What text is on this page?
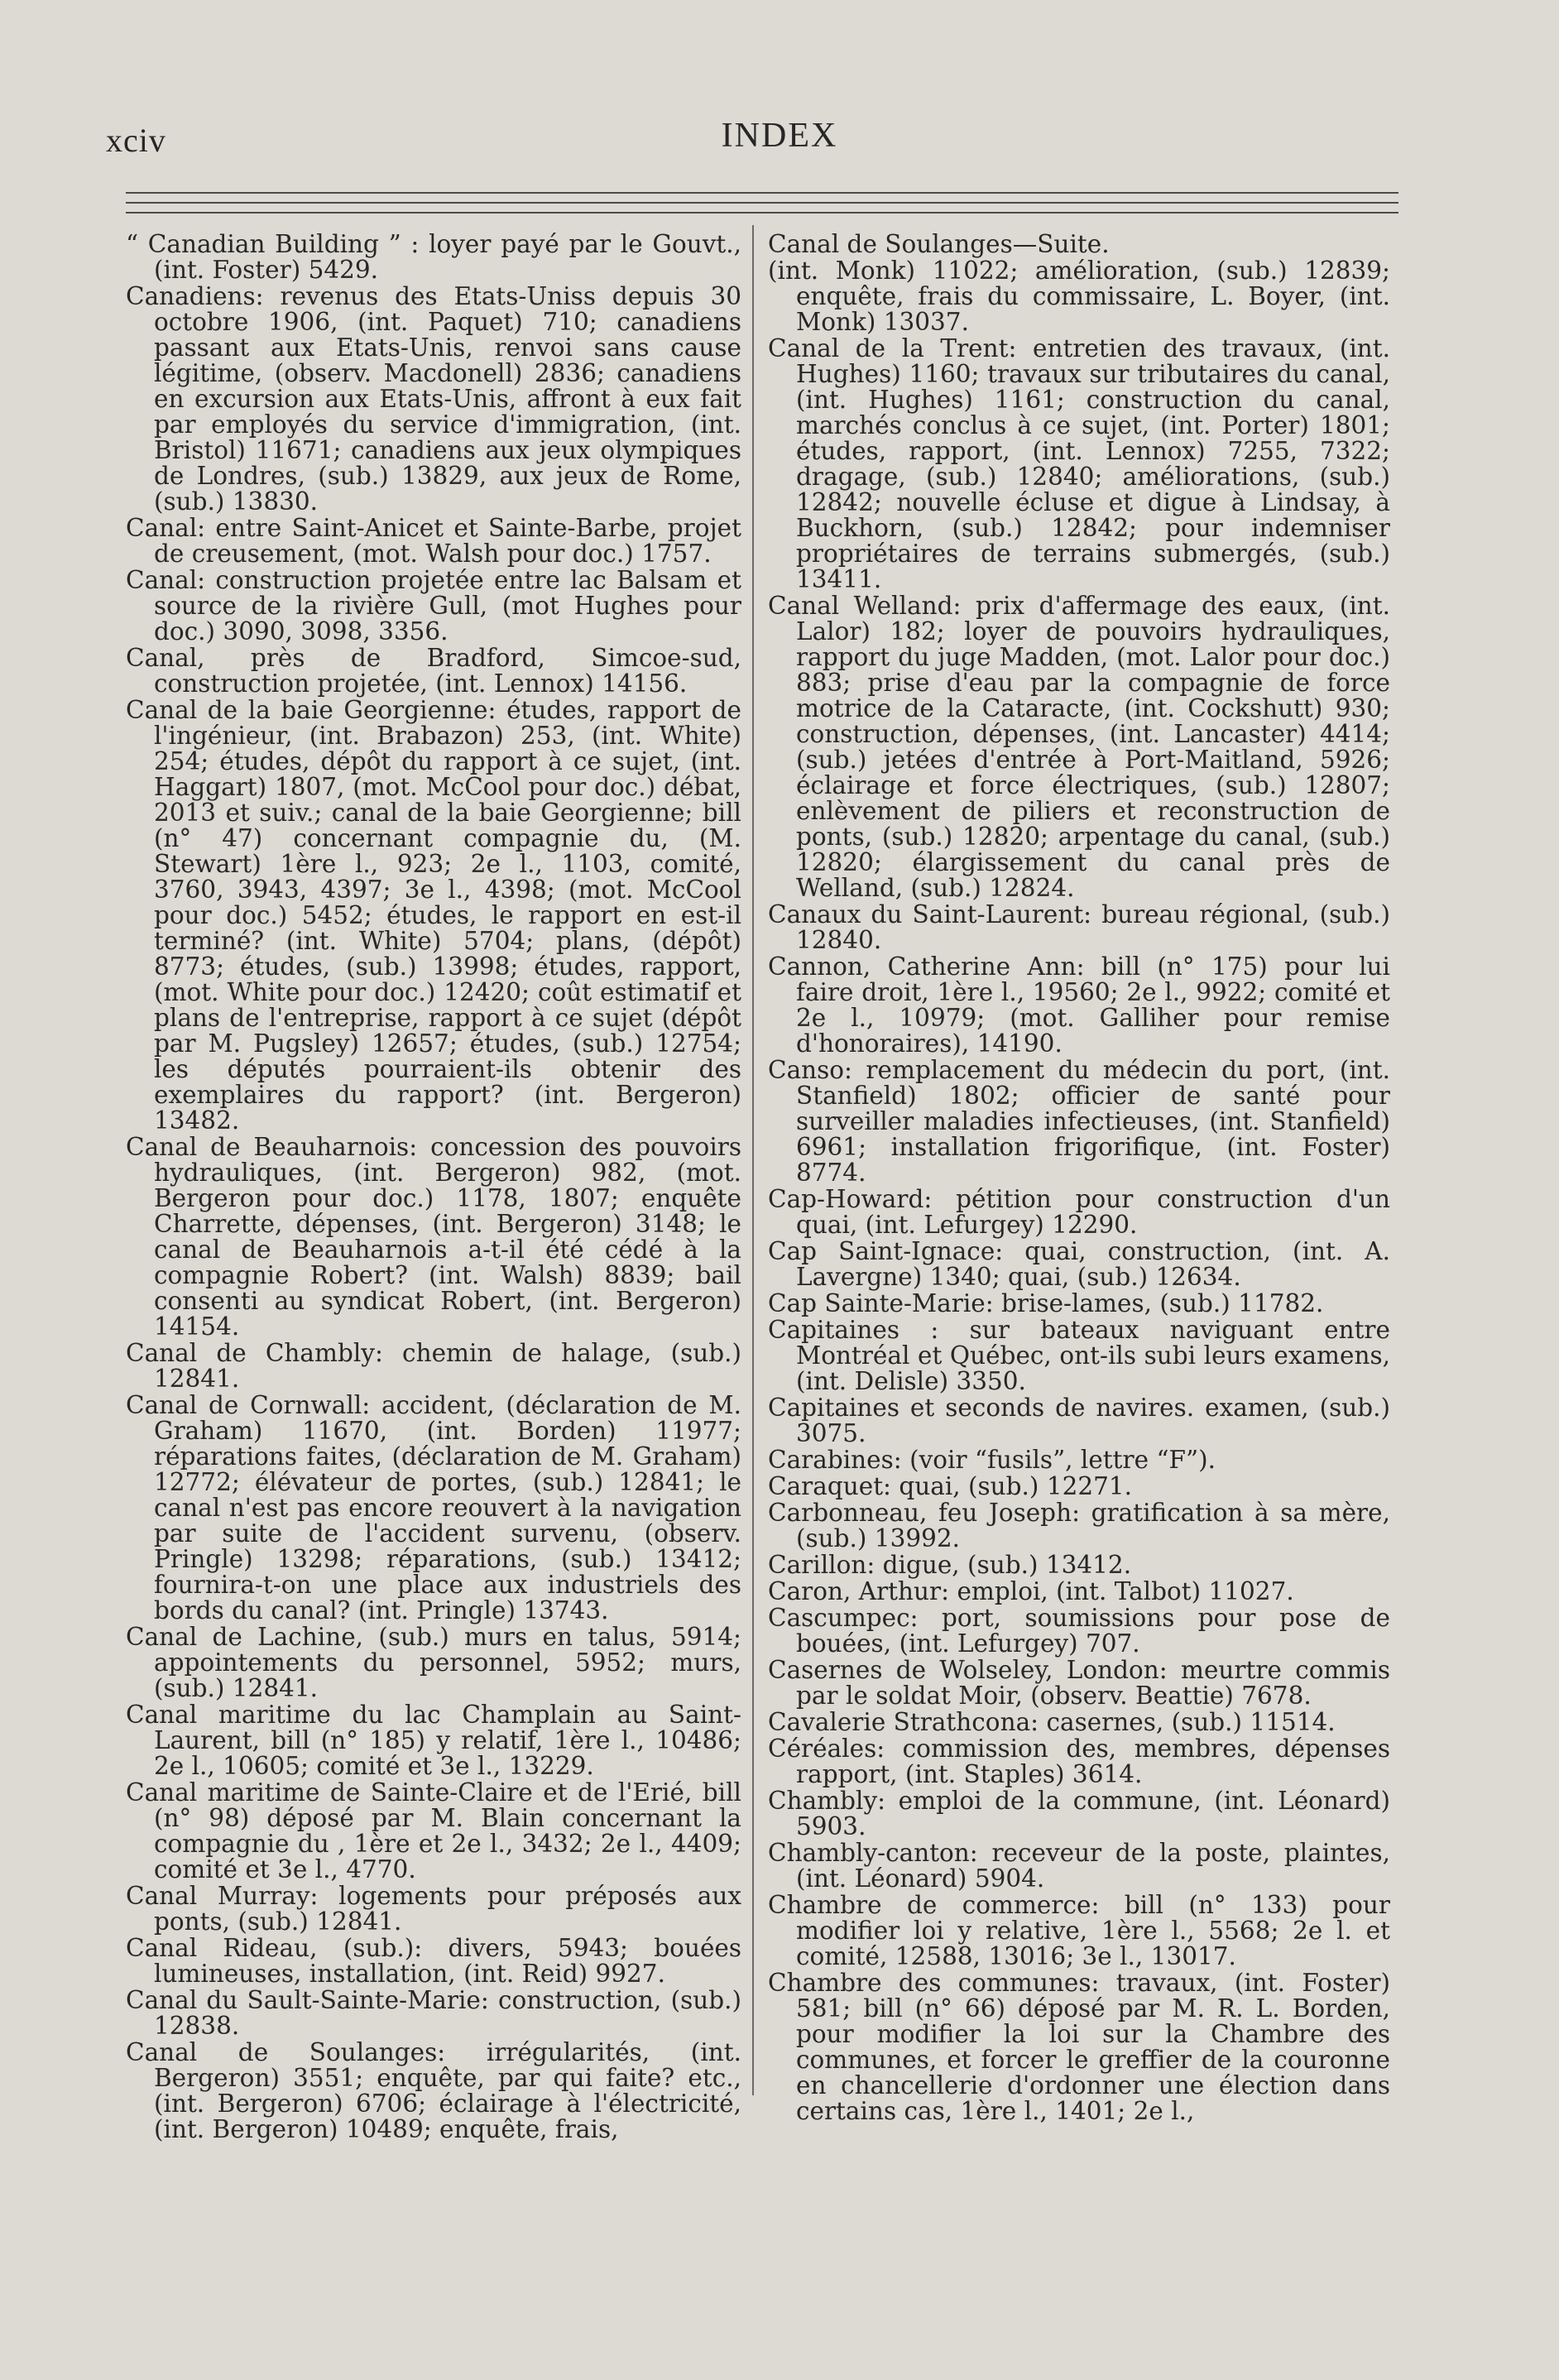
xciv	INDEX
“ Canadian Building ” : loyer payé par le Gouvt., (int. Foster) 5429.
Canadiens: revenus des Etats-Uniss depuis 30 octobre 1906, (int. Paquet) 710; canadiens passant aux Etats-Unis, renvoi sans cause légitime, (observ. Macdonell) 2836; canadiens en excursion aux Etats-Unis, affront à eux fait par employés du service d'immigration, (int. Bristol) 11671; canadiens aux jeux olympiques de Londres, (sub.) 13829, aux jeux de Rome, (sub.) 13830.
Canal: entre Saint-Anicet et Sainte-Barbe, projet de creusement, (mot. Walsh pour doc.) 1757.
Canal: construction projetée entre lac Balsam et source de la rivière Gull, (mot Hughes pour doc.) 3090, 3098, 3356.
Canal, près de Bradford, Simcoe-sud, construction projetée, (int. Lennox) 14156.
Canal de la baie Georgienne: études, rapport de l'ingénieur, (int. Brabazon) 253, (int. White) 254; études, dépôt du rapport à ce sujet, (int. Haggart) 1807, (mot. McCool pour doc.) débat, 2013 et suiv.; canal de la baie Georgienne; bill (n° 47) concernant compagnie du, (M. Stewart) 1ère l., 923; 2e l., 1103, comité, 3760, 3943, 4397; 3e l., 4398; (mot. McCool pour doc.) 5452; études, le rapport en est-il terminé? (int. White) 5704; plans, (dépôt) 8773; études, (sub.) 13998; études, rapport, (mot. White pour doc.) 12420; coût estimatif et plans de l'entreprise, rapport à ce sujet (dépôt par M. Pugsley) 12657; études, (sub.) 12754; les députés pourraient-ils obtenir des exemplaires du rapport? (int. Bergeron) 13482.
Canal de Beauharnois: concession des pouvoirs hydrauliques, (int. Bergeron) 982, (mot. Bergeron pour doc.) 1178, 1807; enquête Charrette, dépenses, (int. Bergeron) 3148; le canal de Beauharnois a-t-il été cédé à la compagnie Robert? (int. Walsh) 8839; bail consenti au syndicat Robert, (int. Bergeron) 14154.
Canal de Chambly: chemin de halage, (sub.) 12841.
Canal de Cornwall: accident, (déclaration de M. Graham) 11670, (int. Borden) 11977; réparations faites, (déclaration de M. Graham) 12772; élévateur de portes, (sub.) 12841; le canal n'est pas encore reouvert à la navigation par suite de l'accident survenu, (observ. Pringle) 13298; réparations, (sub.) 13412; fournira-t-on une place aux industriels des bords du canal? (int. Pringle) 13743.
Canal de Lachine, (sub.) murs en talus, 5914; appointements du personnel, 5952; murs, (sub.) 12841.
Canal maritime du lac Champlain au Saint-Laurent, bill (n° 185) y relatif, 1ère l., 10486; 2e l., 10605; comité et 3e l., 13229.
Canal maritime de Sainte-Claire et de l'Erié, bill (n° 98) déposé par M. Blain concernant la compagnie du , 1ère et 2e l., 3432; 2e l., 4409; comité et 3e l., 4770.
Canal Murray: logements pour préposés aux ponts, (sub.) 12841.
Canal Rideau, (sub.): divers, 5943; bouées lumineuses, installation, (int. Reid) 9927.
Canal du Sault-Sainte-Marie: construction, (sub.) 12838.
Canal de Soulanges: irrégularités, (int. Bergeron) 3551; enquête, par qui faite? etc., (int. Bergeron) 6706; éclairage à l'électricité, (int. Bergeron) 10489; enquête, frais,
Canal de Soulanges—Suite.
(int. Monk) 11022; amélioration, (sub.) 12839; enquête, frais du commissaire, L. Boyer, (int. Monk) 13037.
Canal de la Trent: entretien des travaux, (int. Hughes) 1160; travaux sur tributaires du canal, (int. Hughes) 1161; construction du canal, marchés conclus à ce sujet, (int. Porter) 1801; études, rapport, (int. Lennox) 7255, 7322; dragage, (sub.) 12840; améliorations, (sub.) 12842; nouvelle écluse et digue à Lindsay, à Buckhorn, (sub.) 12842; pour indemniser propriétaires de terrains submergés, (sub.) 13411.
Canal Welland: prix d'affermage des eaux, (int. Lalor) 182; loyer de pouvoirs hydrauliques, rapport du juge Madden, (mot. Lalor pour doc.) 883; prise d'eau par la compagnie de force motrice de la Cataracte, (int. Cockshutt) 930; construction, dépenses, (int. Lancaster) 4414; (sub.) jetées d'entrée à Port-Maitland, 5926; éclairage et force électriques, (sub.) 12807; enlèvement de piliers et reconstruction de ponts, (sub.) 12820; arpentage du canal, (sub.) 12820; élargissement du canal près de Welland, (sub.) 12824.
Canaux du Saint-Laurent: bureau régional, (sub.) 12840.
Cannon, Catherine Ann: bill (n° 175) pour lui faire droit, 1ère l., 19560; 2e l., 9922; comité et 2e l., 10979; (mot. Galliher pour remise d'honoraires), 14190.
Canso: remplacement du médecin du port, (int. Stanfield) 1802; officier de santé pour surveiller maladies infectieuses, (int. Stanfield) 6961; installation frigorifique, (int. Foster) 8774.
Cap-Howard: pétition pour construction d'un quai, (int. Lefurgey) 12290.
Cap Saint-Ignace: quai, construction, (int. A. Lavergne) 1340; quai, (sub.) 12634.
Cap Sainte-Marie: brise-lames, (sub.) 11782.
Capitaines : sur bateaux naviguant entre Montréal et Québec, ont-ils subi leurs examens, (int. Delisle) 3350.
Capitaines et seconds de navires. examen, (sub.) 3075.
Carabines: (voir “fusils”, lettre “F”).
Caraquet: quai, (sub.) 12271.
Carbonneau, feu Joseph: gratification à sa mère, (sub.) 13992.
Carillon: digue, (sub.) 13412.
Caron, Arthur: emploi, (int. Talbot) 11027.
Cascumpec: port, soumissions pour pose de bouées, (int. Lefurgey) 707.
Casernes de Wolseley, London: meurtre commis par le soldat Moir, (observ. Beattie) 7678.
Cavalerie Strathcona: casernes, (sub.) 11514.
Céréales: commission des, membres, dépenses rapport, (int. Staples) 3614.
Chambly: emploi de la commune, (int. Léonard) 5903.
Chambly-canton: receveur de la poste, plaintes, (int. Léonard) 5904.
Chambre de commerce: bill (n° 133) pour modifier loi y relative, 1ère l., 5568; 2e l. et comité, 12588, 13016; 3e l., 13017.
Chambre des communes: travaux, (int. Foster) 581; bill (n° 66) déposé par M. R. L. Borden, pour modifier la loi sur la Chambre des communes, et forcer le greffier de la couronne en chancellerie d'ordonner une élection dans certains cas, 1ère l., 1401; 2e l.,
